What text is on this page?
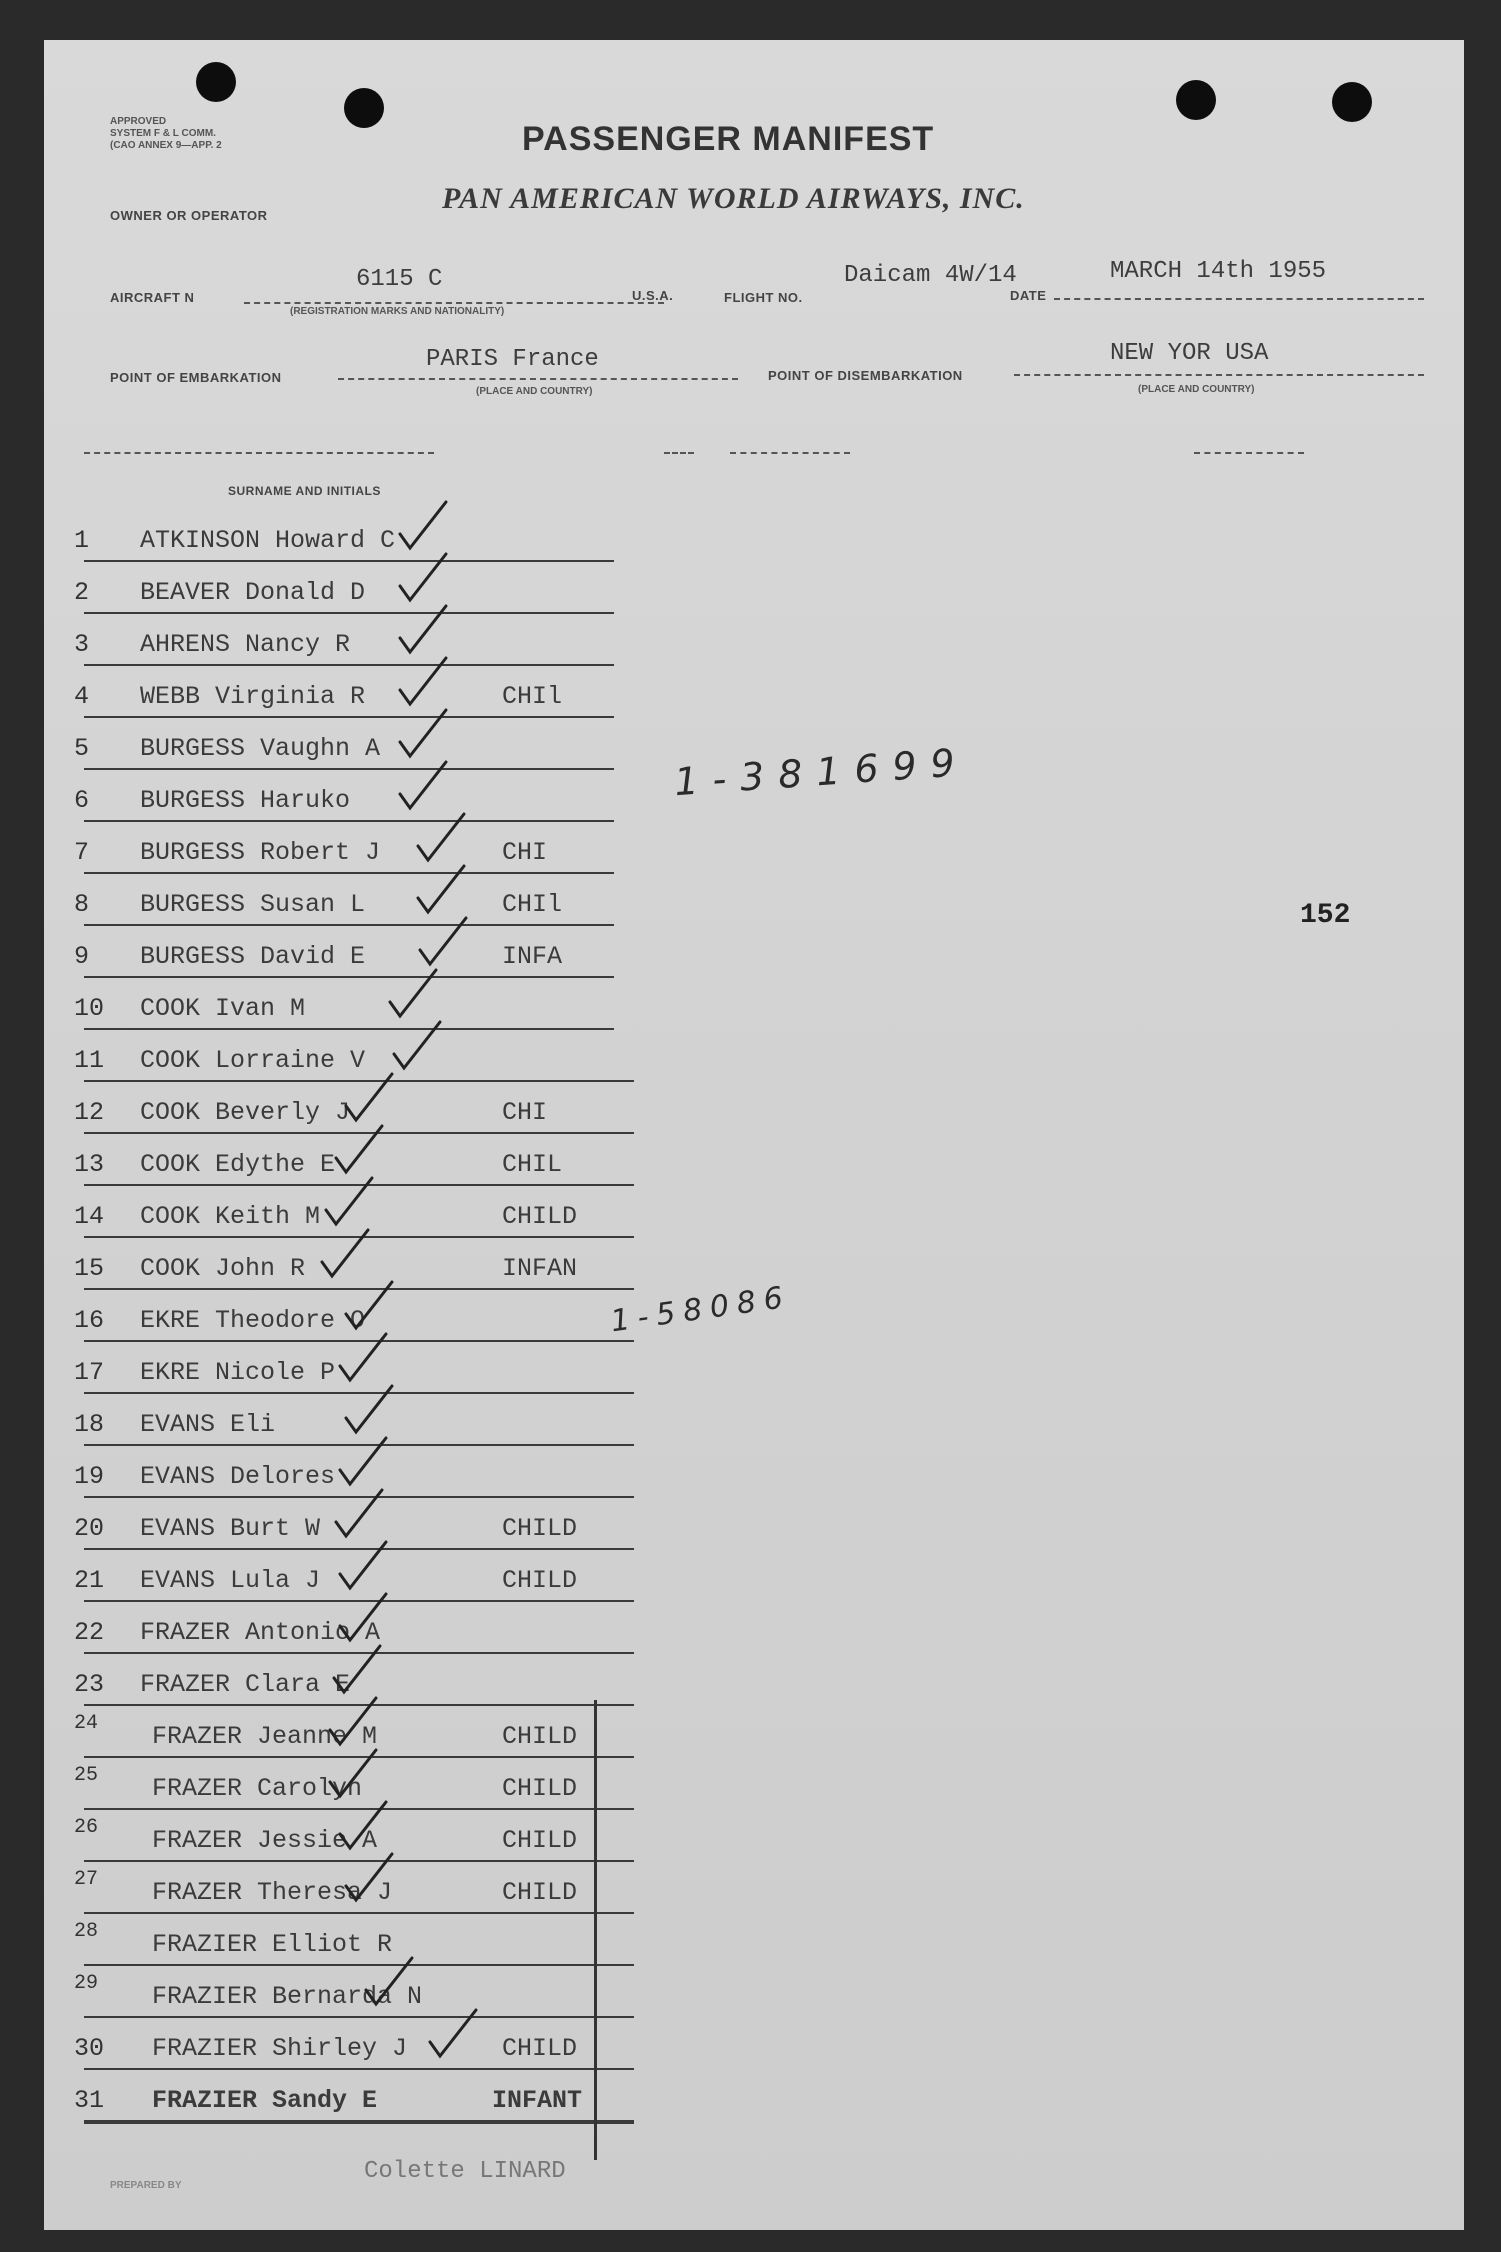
APPROVED
SYSTEM F & L COMM.
(CAO ANNEX 9—APP. 2	PASSENGER MANIFEST
OWNER OR OPERATOR
PAN AMERICAN WORLD AIRWAYS, INC.
AIRCRAFT N
6115 C
(REGISTRATION MARKS AND NATIONALITY)
U.S.A.	FLIGHT NO.
Daicam 4W/14
DATE
MARCH 14th 1955
POINT OF EMBARKATION
PARIS France
(PLACE AND COUNTRY)
POINT OF DISEMBARKATION
NEW YOR USA
(PLACE AND COUNTRY)
SURNAME AND INITIALS
1	ATKINSON Howard C
2	BEAVER Donald D
3	AHRENS Nancy R
4	WEBB Virginia R	CHIl
5	BURGESS Vaughn A
6	BURGESS Haruko
7	BURGESS Robert J	CHI
8	BURGESS Susan L	CHIl
9	BURGESS David E	INFA
10	COOK Ivan M
11	COOK Lorraine V
12	COOK Beverly J	CHI
13	COOK Edythe E	CHIL
14	COOK Keith M	CHILD
15	COOK John R	INFAN
16	EKRE Theodore O
17	EKRE Nicole P
18	EVANS Eli
19	EVANS Delores
20	EVANS Burt W	CHILD
21	EVANS Lula J	CHILD
22	FRAZER Antonio A
23	FRAZER Clara E
24	FRAZER Jeanne M	CHILD
25	FRAZER Carolyn	CHILD
26	FRAZER Jessie A	CHILD
27	FRAZER Theresa J	CHILD
28	FRAZIER Elliot R
29	FRAZIER Bernarda N
30	FRAZIER Shirley J	CHILD
31	FRAZIER Sandy E	INFANT
1-381699
1-58086
152
PREPARED BY
Colette LINARD
